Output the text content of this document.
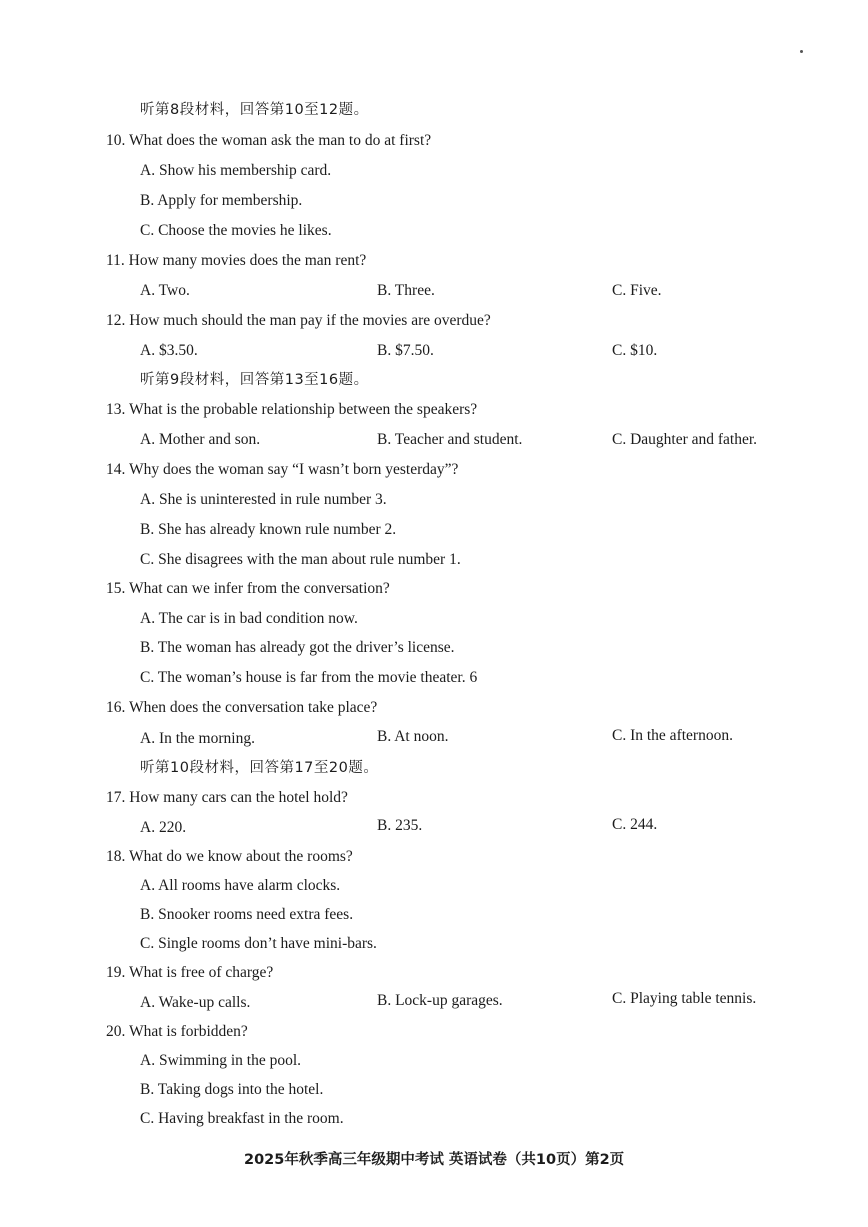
听第8段材料，回答第10至12题。
10. What does the woman ask the man to do at first?
A. Show his membership card.
B. Apply for membership.
C. Choose the movies he likes.
11. How many movies does the man rent?
A. Two.	B. Three.	C. Five.
12. How much should the man pay if the movies are overdue?
A. $3.50.	B. $7.50.	C. $10.
听第9段材料，回答第13至16题。
13. What is the probable relationship between the speakers?
A. Mother and son.	B. Teacher and student.	C. Daughter and father.
14. Why does the woman say “I wasn’t born yesterday”?
A. She is uninterested in rule number 3.
B. She has already known rule number 2.
C. She disagrees with the man about rule number 1.
15. What can we infer from the conversation?
A. The car is in bad condition now.
B. The woman has already got the driver’s license.
C. The woman’s house is far from the movie theater. 6
16. When does the conversation take place?
A. In the morning.	B. At noon.	C. In the afternoon.
听第10段材料，回答第17至20题。
17. How many cars can the hotel hold?
A. 220.	B. 235.	C. 244.
18. What do we know about the rooms?
A. All rooms have alarm clocks.
B. Snooker rooms need extra fees.
C. Single rooms don’t have mini-bars.
19. What is free of charge?
A. Wake-up calls.	B. Lock-up garages.	C. Playing table tennis.
20. What is forbidden?
A. Swimming in the pool.
B. Taking dogs into the hotel.
C. Having breakfast in the room.
2025年秋季高三年级期中考试 英语试卷（共10页）第2页
